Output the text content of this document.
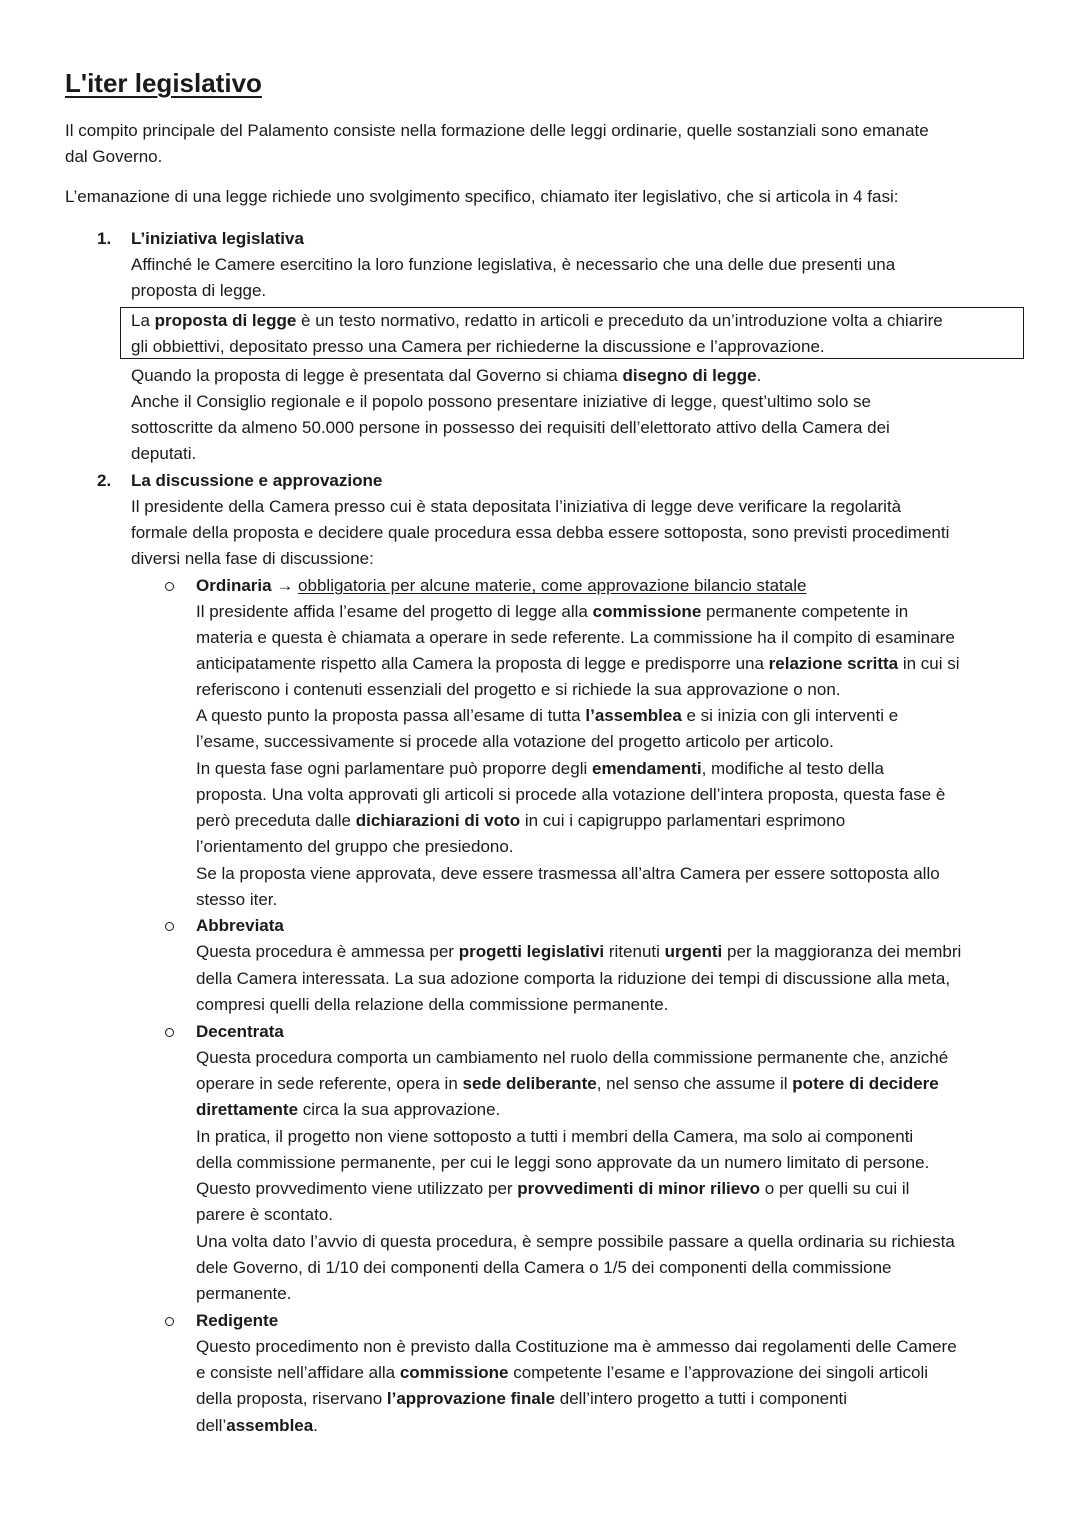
L'iter legislativo
Il compito principale del Palamento consiste nella formazione delle leggi ordinarie, quelle sostanziali sono emanate
dal Governo.
L’emanazione di una legge richiede uno svolgimento specifico, chiamato iter legislativo, che si articola in 4 fasi:
1. L’iniziativa legislativa
Affinché le Camere esercitino la loro funzione legislativa, è necessario che una delle due presenti una
proposta di legge.
La proposta di legge è un testo normativo, redatto in articoli e preceduto da un’introduzione volta a chiarire
gli obbiettivi, depositato presso una Camera per richiederne la discussione e l’approvazione.
Quando la proposta di legge è presentata dal Governo si chiama disegno di legge.
Anche il Consiglio regionale e il popolo possono presentare iniziative di legge, quest’ultimo solo se
sottoscritte da almeno 50.000 persone in possesso dei requisiti dell’elettorato attivo della Camera dei
deputati.
2. La discussione e approvazione
Il presidente della Camera presso cui è stata depositata l’iniziativa di legge deve verificare la regolarità
formale della proposta e decidere quale procedura essa debba essere sottoposta, sono previsti procedimenti
diversi nella fase di discussione:
Ordinaria → obbligatoria per alcune materie, come approvazione bilancio statale
Il presidente affida l’esame del progetto di legge alla commissione permanente competente in
materia e questa è chiamata a operare in sede referente. La commissione ha il compito di esaminare
anticipatamente rispetto alla Camera la proposta di legge e predisporre una relazione scritta in cui si
referiscono i contenuti essenziali del progetto e si richiede la sua approvazione o non.
A questo punto la proposta passa all’esame di tutta l’assemblea e si inizia con gli interventi e
l’esame, successivamente si procede alla votazione del progetto articolo per articolo.
In questa fase ogni parlamentare può proporre degli emendamenti, modifiche al testo della
proposta. Una volta approvati gli articoli si procede alla votazione dell’intera proposta, questa fase è
però preceduta dalle dichiarazioni di voto in cui i capigruppo parlamentari esprimono
l’orientamento del gruppo che presiedono.
Se la proposta viene approvata, deve essere trasmessa all’altra Camera per essere sottoposta allo
stesso iter.
Abbreviata
Questa procedura è ammessa per progetti legislativi ritenuti urgenti per la maggioranza dei membri
della Camera interessata. La sua adozione comporta la riduzione dei tempi di discussione alla meta,
compresi quelli della relazione della commissione permanente.
Decentrata
Questa procedura comporta un cambiamento nel ruolo della commissione permanente che, anziché
operare in sede referente, opera in sede deliberante, nel senso che assume il potere di decidere
direttamente circa la sua approvazione.
In pratica, il progetto non viene sottoposto a tutti i membri della Camera, ma solo ai componenti
della commissione permanente, per cui le leggi sono approvate da un numero limitato di persone.
Questo provvedimento viene utilizzato per provvedimenti di minor rilievo o per quelli su cui il
parere è scontato.
Una volta dato l’avvio di questa procedura, è sempre possibile passare a quella ordinaria su richiesta
dele Governo, di 1/10 dei componenti della Camera o 1/5 dei componenti della commissione
permanente.
Redigente
Questo procedimento non è previsto dalla Costituzione ma è ammesso dai regolamenti delle Camere
e consiste nell’affidare alla commissione competente l’esame e l’approvazione dei singoli articoli
della proposta, riservano l’approvazione finale dell’intero progetto a tutti i componenti
dell’assemblea.
